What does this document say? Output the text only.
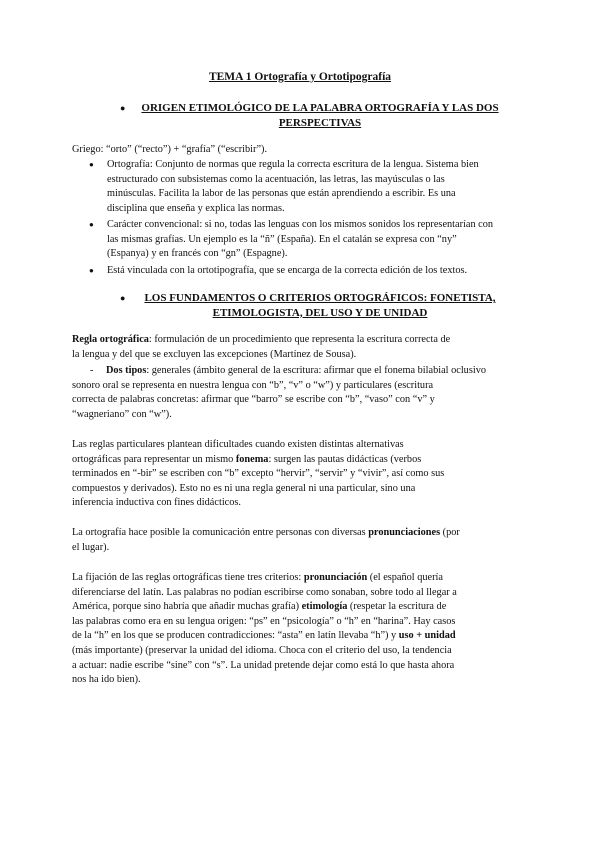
TEMA 1 Ortografía y Ortotipografía
●	ORIGEN ETIMOLÓGICO DE LA PALABRA ORTOGRAFÍA Y LAS DOS
PERSPECTIVAS
Griego: “orto” (“recto”) + “grafía” (“escribir”).
● Ortografía: Conjunto de normas que regula la correcta escritura de la lengua. Sistema bien
estructurado con subsistemas como la acentuación, las letras, las mayúsculas o las
minúsculas. Facilita la labor de las personas que están aprendiendo a escribir. Es una
disciplina que enseña y explica las normas.
● Carácter convencional: si no, todas las lenguas con los mismos sonidos los representarían con
las mismas grafías. Un ejemplo es la “ñ” (España). En el catalán se expresa con “ny”
(Espanya) y en francés con “gn” (Espagne).
● Está vinculada con la ortotipografía, que se encarga de la correcta edición de los textos.
●	LOS FUNDAMENTOS O CRITERIOS ORTOGRÁFICOS: FONETISTA,
ETIMOLOGISTA, DEL USO Y DE UNIDAD
Regla ortográfica: formulación de un procedimiento que representa la escritura correcta de
la lengua y del que se excluyen las excepciones (Martínez de Sousa).
-	Dos tipos: generales (ámbito general de la escritura: afirmar que el fonema bilabial oclusivo
sonoro oral se representa en nuestra lengua con “b”, “v” o “w”) y particulares (escritura
correcta de palabras concretas: afirmar que “barro” se escribe con “b”, “vaso” con “v” y
“wagneriano” con “w”).
Las reglas particulares plantean dificultades cuando existen distintas alternativas
ortográficas para representar un mismo fonema: surgen las pautas didácticas (verbos
terminados en “-bir” se escriben con “b” excepto “hervir”, “servir” y “vivir”, así como sus
compuestos y derivados). Esto no es ni una regla general ni una particular, sino una
inferencia inductiva con fines didácticos.
La ortografía hace posible la comunicación entre personas con diversas pronunciaciones (por
el lugar).
La fijación de las reglas ortográficas tiene tres criterios: pronunciación (el español quería
diferenciarse del latín. Las palabras no podían escribirse como sonaban, sobre todo al llegar a
América, porque sino habría que añadir muchas grafía) etimología (respetar la escritura de
las palabras como era en su lengua origen: “ps” en “psicología” o “h” en “harina”. Hay casos
de la “h” en los que se producen contradicciones: “asta” en latín llevaba “h”) y uso + unidad
(más importante) (preservar la unidad del idioma. Choca con el criterio del uso, la tendencia
a actuar: nadie escribe “sine” con “s”. La unidad pretende dejar como está lo que hasta ahora
nos ha ido bien).
